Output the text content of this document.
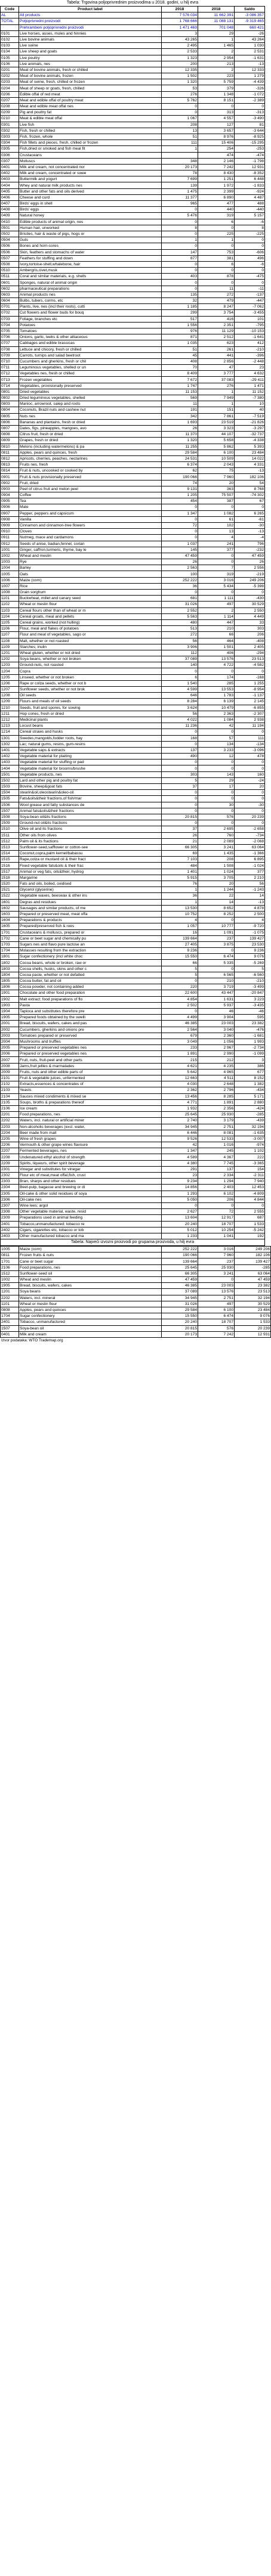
Tabela: Trgovina poljoprivrednim proizvodima u 2018. godini, u hilj evra
Code	Product label	2018	2018	Saldo
AL	All products	7 576 034	11 662 391	-3 086 357
TOTAL	Poljoprivredni proizvodi	1 768 666	11 088 131	-9 319 465
	Prehrambeni poljoprivredni proizvodi	1 471 469	701 048	660 421
0101	Live horses, asses, mules and hinnies	3	29	-26
0102	Live bovine animals	43 265	1	43 264
0103	Live swine	2 495	1 465	1 030
0104	Live sheep and goats	2 533	2	2 531
0105	Live poultry	1 323	2 954	-1 631
0106	Live animals, nes	200	213	-13
0201	Meat of bovine animals, fresh or chilled	12 335	2	12 333
0202	Meat of bovine animals, frozen	1 502	223	1 279
0203	Meat of swine, fresh, chilled or frozen	1 320	5 759	-4 439
0204	Meat of sheep or goats, fresh, chilled	53	379	-326
0206	Edible offal of red meat	276	1 348	-1 072
0207	Meat and edible offal of poultry meat	5 762	8 151	-2 389
0208	Meat and edible meat offal nes	0	0	0
0209	Pig and poultry fat	0	313	-313
0210	Meat & edible meat offal	1 067	4 557	-3 490
0301	Live fish	208	127	81
0302	Fish, fresh or chilled	13	3 657	-3 644
0303	Fish, frozen, whole	51	8 976	-8 925
0304	Fish fillets and pieces, fresh, chilled or frozen	111	15 406	-15 295
0305	Fish,dried or smoked and fish meal fit	1	254	-253
0306	Crustaceans		474	-474
0307	Molluscs	348	2 146	-1 798
0401	Milk and cream, not concentrated nor	20 173	7 242	12 931
0402	Milk and cream, concentrated or swee	78	8 430	-8 352
0403	Buttermilk and yogurt	7 699	1 251	6 448
0404	Whey and natural milk products nes	139	1 972	-1 833
0405	Butter and other fats and oils derived	1 475	2 399	-924
0406	Cheese and curd	11 377	6 890	4 487
0407	Birds' eggs in shell	965	477	488
0408	Birds' eggs	0	440	-440
0409	Natural honey	5 476	319	5 157
0410	Edible products of animal origin, nes	0	6	-6
0501	Human hair, unworked	8	0	8
0502	Bristles, hair & waste of pigs, hogs or	0	225	-225
0504	Guts	1	1	0
0506	Bones and horn-cores	0	0	0
0506	Skin, feathers and stomachs of water	147	753	-606
0507	Feathers for stuffing and down	877	381	496
0508	Ivory,tortoise-shell,whalebone, hair	0	6	-6
0510	Ambergris,civet,musk	0	0	0
0511	Coral and similar materials, e.g. shells	403	878	-475
0601	Sponges, natural of animal origin	0	0	0
0602	pharmaceutical preparations	0	11	-11
0603	Animal products nes	135	272	-137
0604	Bulbs, tubers, corms, etc	32	479	-447
0701	Plants, live, nes (incl their roots), cutti	1 185	8 247	-7 062
0702	Cut flowers and flower buds for bouq	299	3 754	-3 455
0703	Foliage, branches etc	517	416	101
0704	Potatoes	1 556	2 351	-795
0705	Tomatoes	976	11 129	-10 153
0706	Onions, garlic, leeks & other alliaceous	871	2 512	-1 641
0707	Cabbages and edible brassicas	1 035	623	412
0708	Lettuce and chicory, fresh or chilled	51	261	-210
0709	Carrots, turnips and salad beetroot	45	441	-396
0710	Cucumbers and gherkins, fresh or chil	408	2 856	-2 448
0711	Leguminous vegetables, shelled or un	70	47	23
0712	Vegetables nes, fresh or chilled	8 409	3 777	4 632
0713	Frozen vegetables	7 672	37 083	-29 411
0714	Vegetables, provisionally preserved	1 747	276	1 471
0801	Dried vegetables	11 153	1	11 152
0802	Dried leguminous vegetables, shelled	569	7 949	-7 380
0803	Manioc, arrowroot, salep and roots	11	1	10
0804	Coconuts, Brazil nuts and cashew nut	191	151	40
0805	Nuts nes	342	7 861	-7 519
0806	Bananas and plantains, fresh or dried	1 693	23 519	-21 826
0807	Dates, figs, pineapples, mangoes, avo	26	3 323	-3 297
0808	Citrus fruit, fresh or dried	11 370	44 107	-32 737
0809	Grapes, fresh or dried	1 320	5 658	-4 338
0810	Melons (including watermelons) & pa	11 255	5 862	5 393
0811	Apples, pears and quinces, fresh	29 584	6 100	23 484
0812	Apricots, cherries, peaches, nectarines	24 531	10 509	14 022
0813	Fruits nes, fresh	6 374	2 043	4 331
0814	Fruit & nuts, uncooked or cooked by	62	75	-13
0901	Fruit & nuts provisionally preserved	190 066	7 960	182 106
0902	Fruit, dried	74	20	54
0903	Peel of citrus fruit and melon peel	9 131	363	8 768
0904	Coffee	1 205	75 507	-74 302
0905	Tea	454	387	67
0906	Mate	0	0	0
0907	Pepper, peppers and capsicum	1 347	1 082	6 265
0908	Vanilla	0	61	-61
0909	Cinnamon and cinnamon-tree flowers	72	102	-30
0910	Cloves	0	13	-13
0911	Nutmeg, mace and cardamons	0	4	-4
0912	Seeds of anise, badian,fennel, corian	1 037	241	796
1001	Ginger, saffron,turmeric, thyme, bay le	145	377	-232
1002	Wheat and meslin	47 459	0	47 459
1003	Rye	26	0	26
1004	Barley	2 563	7	2 556
1005	Oats	100	319	-219
1006	Maize (corn)	252 222	3 016	249 206
1007	Rice	36	5 434	-5 398
1008	Grain sorghum	0	0	0
1101	Buckwheat, millet and canary seed	681	1 111	-430
1102	Wheat or meslin flour	31 026	497	30 529
1103	Cereal flours other than of wheat or m	2 552	2	2 550
1104	Cereal groats, meal and pellets	5 563	1 114	4 449
1105	Cereal grains, worked (not hulling)	480	447	33
1106	Flour, meal and flakes of potatoes	513	210	303
1107	Flour and meal of vegetables, sago or	272	66	206
1108	Malt, whether or not roasted	56	464	-408
1109	Starches; inulin	3 906	1 501	2 405
1201	Wheat gluten, whether or not dried	112	406	-294
1202	Soya beans, whether or not broken	37 089	13 576	23 513
1203	Ground-nuts, not roasted	140	4 722	-4 582
1204	Copra	0	0	0
1205	Linseed, whether or not broken	6	174	-168
1206	Rape or colza seeds, whether or not b	1 540	285	1 255
1207	Sunflower seeds, whether or not brok	4 599	13 553	-8 954
1208	Oil seeds	646	1 783	-1 137
1209	Flours and meals of oil seeds	8 284	6 139	2 145
1210	Seeds, fruit and spores, for sowing	3 624	10 479	-6 855
1211	Hop cones, fresh or dried	56	2 363	-2 307
1212	Medicinal plants	4 022	1 084	2 938
1213	Locust beans	11 236	42	11 194
1214	Cereal straws and husks	0	0	0
1301	Swedes,mangolds,fodder roots, hay	168	57	111
1302	Lac; natural gums, resins, gum-resins	0	134	-134
1401	Vegetable saps & extracts	137	3 233	-3 096
1402	Vegetable material for plaiting	490	12	478
1403	Vegetable material for stuffing or pad	0	0	0
1404	Vegetable material for brooms/brushe	0	0	0
1501	Vegetable products, nes	303	143	160
1502	Lard and other pig and poultry fat	5	29	-24
1503	Bovine, sheep&goat fats	37	17	20
1504	stearin&oil,oleostearin&oleo-oil	0	0	0
1505	Fats&oils&their fractions,of fish/mar	0	0	0
1506	Wool grease and fatty substances de	0	30	-30
1507	Animal fats&oils&their fractions	0	0	0
1508	Soya-bean oil&its fractions	20 815	576	20 239
1509	Ground-nut oil&its fractions	0	0	0
1510	Olive oil and its fractions	37	2 695	-2 658
1511	Other oils from olives	26	760	-734
1512	Palm oil & its fractions	21	2 089	-2 068
1513	Sunflower-seed,safflower or cotton-see	66 305	3 241	63 064
1514	Coconut,copra,palm kernel/babassu	69	1 435	-1 366
1515	Rape,colza or mustard oil & their fract	7 103	208	6 895
1516	Fixed vegetable fats&oils & their frac	484	1 508	-1 024
1517	Animal or veg fats, oils&their, hydrog	1 401	1 024	377
1518	Margarine	5 915	3 705	2 210
1520	Fats and oils, boiled, oxidised	76	20	56
1521	Glycerol (glycerine)	1	1 244	-1 243
1522	Vegetable waxes, beeswax & other ins	36	22	14
1601	Degras and residues	1	14	-13
1602	Sausages and similar products, of me	13 530	8 652	4 878
1603	Prepared or preserved meat, meat offa	10 752	8 252	2 500
1604	Preparations & products	4	0	4
1605	Prepared/preserved fish & roes	1 057	10 777	-9 720
1701	Crustaceans & molluscs, prepared or	16	1 091	-1 075
1702	Cane or beet sugar and chemically pu	139 664	237	139 427
1703	Sugars nes and flavo pure lactose an	27 405	3 875	23 530
1704	Molasses resulting from the extraction	9 236	0	9 236
1801	Sugar confectionery (incl white choc	15 550	6 474	9 076
1802	Cocoa beans, whole or broken, raw or	66	5 335	-5 269
1803	Cocoa shells, husks, skins and other c	5	0	5
1804	Cocoa paste, whether or not defatted	5	6 565	-6 560
1805	Cocoa butter, fat and oil	0	210	-210
1806	Cocoa powder, not containing added	220	3 719	-3 499
1901	Chocolate and other food preparation	22 600	43 447	-20 847
1902	Malt extract; food preparations of flo	4 854	1 631	3 223
1903	Pasta	2 502	5 937	-3 435
1904	Tapioca and substitutes therefore pre	0	46	-46
1905	Prepared foods obtained by the swelli	4 499	3 904	595
2001	Bread, biscuits, wafers, cakes and pas	46 385	23 003	23 382
2002	Cucumbers, gherkins and onions pre	2 564	3 040	-476
2003	Tomatoes prepared or preserved	679	2 360	-1 681
2004	Mushrooms and truffles	3 049	1 056	1 993
2005	Prepared or preserved vegetables nes	233	2 967	-2 734
2006	Prepared or preserved vegetables nes	1 891	2 990	-1 099
2007	Fruit, nuts, fruit-peel and other parts	215	212	3
2008	Jams,fruit jellies & marmalades	4 621	4 235	386
2009	Fruits, nuts and other edible parts of	5 642	4 965	677
2101	Fruit & vegetable juices, unfermented	12 663	4 511	8 152
2102	Extracts,essences & concentrates of	4 030	2 648	1 382
2103	Yeasts	2 362	2 796	-434
2104	Sauces mixed condiments & mixed se	13 456	8 285	5 171
2105	Soups, broths & preparations thereof	4 771	1 891	2 880
2106	Ice cream	1 932	2 356	-424
2201	Food preparations, nes	25 645	25 930	-285
2202	Waters, incl. natural or artificial miner	2 740	3 179	-439
2203	Non-alcoholic beverages (excl. water,	34 945	2 751	32 194
2204	Beer made from malt	6 446	8 081	-1 635
2205	Wine of fresh grapes	9 526	12 533	-3 007
2206	Vermouth & other grape wines flavoure	42	1 016	-974
2207	Fermented beverages, nes	1 347	245	1 102
2208	Undenatured ethyl alcohol of strength	4 589	4 367	222
2209	Spirits, liqueurs, other spirit beverage	4 380	7 745	-3 365
2301	Vinegar and substitutes for vinegar	291	137	154
2302	Flour etc of meat,meat offal,fish, crust	23	2 334	-2 311
2303	Bran, sharps and other residues	9 234	1 294	7 940
2304	Beet-pulp, bagasse and brewing or di	14 856	2 403	12 453
2305	Oil-cake & other solid residues of soya	1 293	6 102	-4 809
2306	Oil-cake nes	5 050	206	4 844
2307	Wine lees; argol	0	0	0
2308	Other vegetable material, waste, resid	2 627	72	2 555
2309	Preparations used in animal feeding	13 604	12 917	687
2401	Tobacco,unmanufactured; tobacco re	20 240	18 707	1 533
2402	Cigars, cigarettes etc, tobacco or tob	5 012	10 254	-5 242
2403	Other manufactured tobacco and ma	1 233	1 041	192
Tabela: Najveći izvozni proizvodi po grupama proizvoda, u hilj evra
1005	Maize (corn)	252 222	3 016	249 206
0811	Frozen fruits & nuts	190 066	7 960	182 106
1701	Cane or beet sugar	139 664	237	139 427
2106	Food preparations, nes	25 645	25 930	-285
1512	Sunflower-seed oil	66 305	3 241	63 064
1002	Wheat and meslin	47 459	0	47 459
1905	Bread, biscuits, wafers, cakes	46 385	23 003	23 382
1201	Soya beans	37 089	13 576	23 513
2202	Waters, incl. mineral	34 945	2 751	32 194
1101	Wheat or meslin flour	31 026	497	30 529
0808	Apples, pears and quinces	29 584	6 100	23 484
1704	Sugar confectionery	15 550	6 474	9 076
2401	Tobacco, unmanufactured	20 240	18 707	1 533
1507	Soya-bean oil	20 815	576	20 239
0401	Milk and cream	20 173	7 242	12 931
Izvor podataka: WTO Trademap.org
